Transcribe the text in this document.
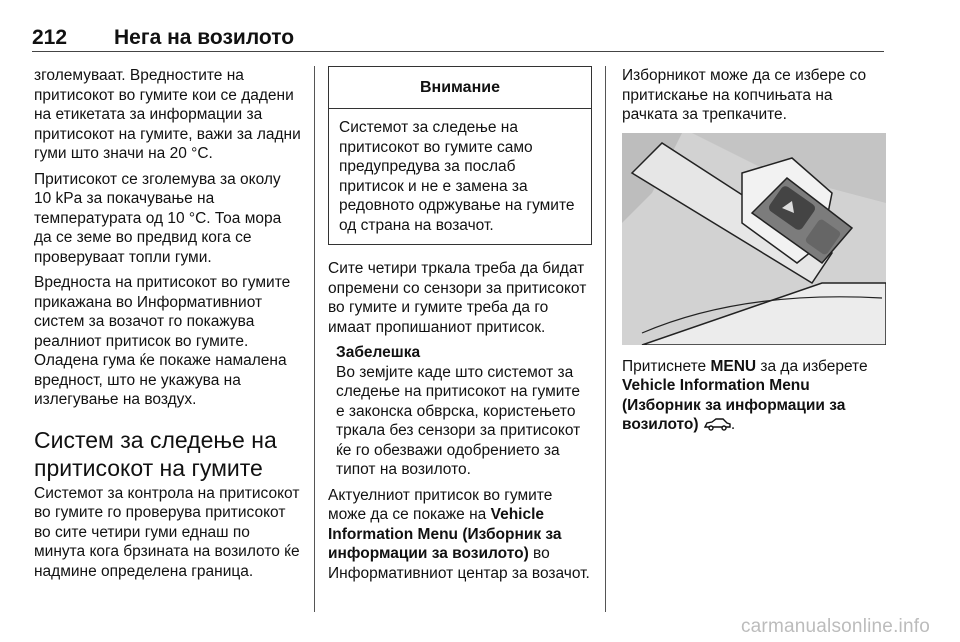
212 Нега на возилото

зголемуваат. Вредностите на притисокот во гумите кои се дадени на етикетата за информации за притисокот на гумите, важи за ладни гуми што значи на 20 °C.

Притисокот се зголемува за околу 10 kPa за покачување на температурата од 10 °C. Тоа мора да се земе во предвид кога се проверуваат топли гуми.

Вредноста на притисокот во гумите прикажана во Информативниот систем за возачот го покажува реалниот притисок во гумите. Оладена гума ќе покаже намалена вредност, што не укажува на излегување на воздух.

Систем за следење на притисокот на гумите

Системот за контрола на притисокот во гумите го проверува притисокот во сите четири гуми еднаш по минута кога брзината на возилото ќе надмине определена граница.

Внимание
Системот за следење на притисокот во гумите само предупредува за послаб притисок и не е замена за редовното одржување на гумите од страна на возачот.

Сите четири тркала треба да бидат опремени со сензори за притисокот во гумите и гумите треба да го имаат пропишаниот притисок.

Забелешка
Во земјите каде што системот за следење на притисокот на гумите е законска обврска, користењето тркала без сензори за притисокот ќе го обезважи одобрението за типот на возилото.

Актуелниот притисок во гумите може да се покаже на Vehicle Information Menu (Изборник за информации за возилото) во Информативниот центар за возачот.

Изборникот може да се избере со притискање на копчињата на рачката за трепкачите.

Притиснете MENU за да изберете Vehicle Information Menu (Изборник за информации за возилото) .

carmanualsonline.info
